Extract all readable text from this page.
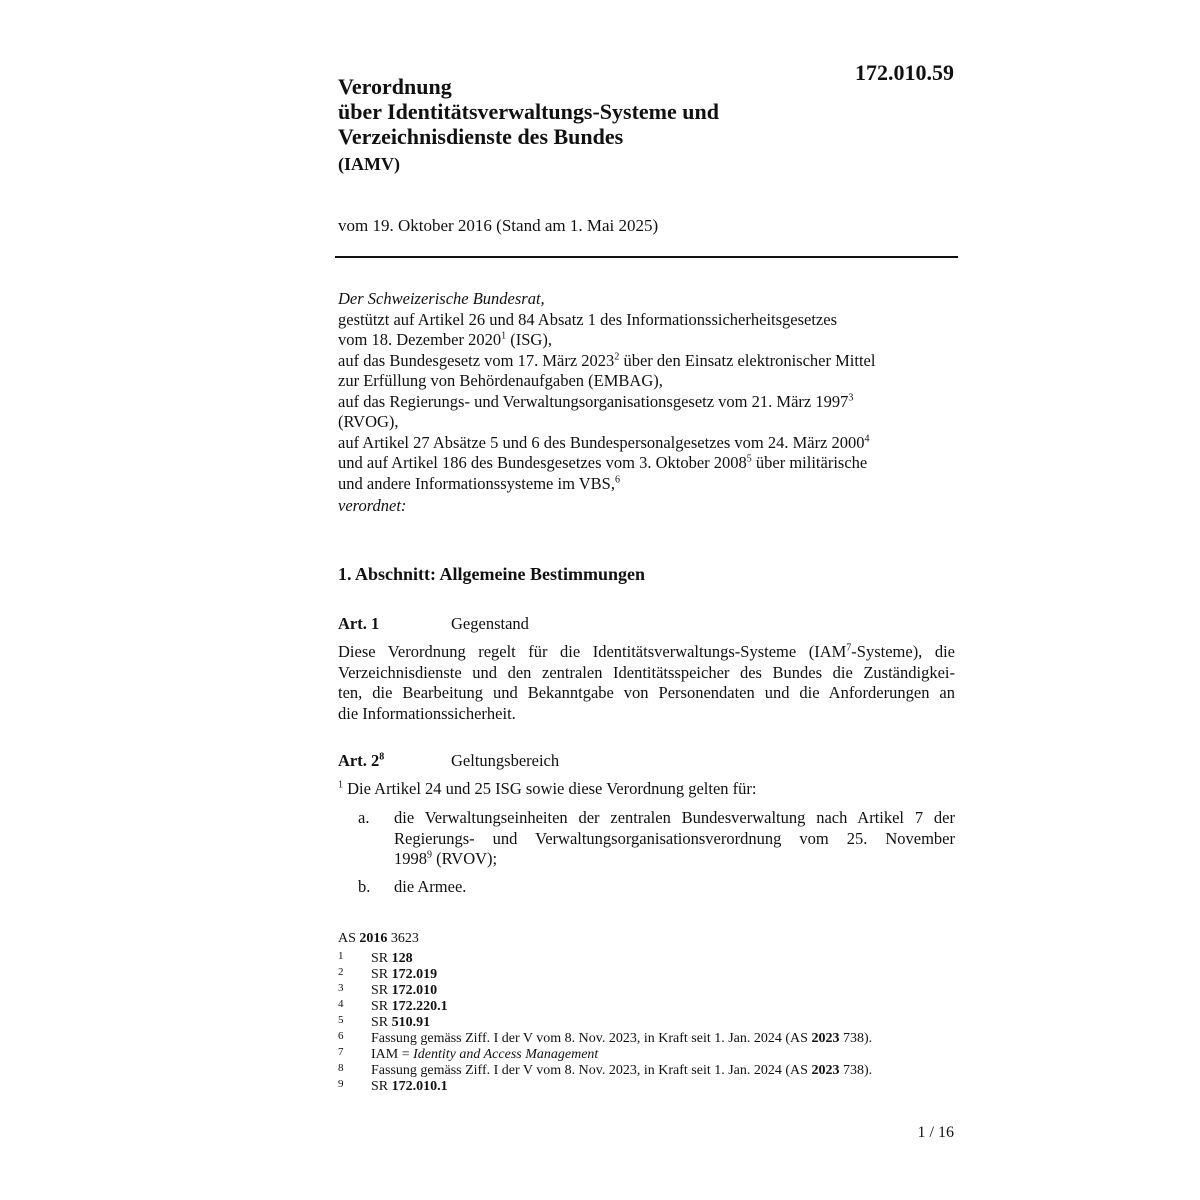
172.010.59
Verordnung
über Identitätsverwaltungs-Systeme und
Verzeichnisdienste des Bundes
(IAMV)
vom 19. Oktober 2016 (Stand am 1. Mai 2025)
Der Schweizerische Bundesrat,
gestützt auf Artikel 26 und 84 Absatz 1 des Informationssicherheitsgesetzes
vom 18. Dezember 2020$^1$ (ISG),
auf das Bundesgesetz vom 17. März 2023$^2$ über den Einsatz elektronischer Mittel
zur Erfüllung von Behördenaufgaben (EMBAG),
auf das Regierungs- und Verwaltungsorganisationsgesetz vom 21. März 1997$^3$
(RVOG),
auf Artikel 27 Absätze 5 und 6 des Bundespersonalgesetzes vom 24. März 2000$^4$
und auf Artikel 186 des Bundesgesetzes vom 3. Oktober 2008$^5$ über militärische
und andere Informationssysteme im VBS,$^6$
verordnet:
1. Abschnitt: Allgemeine Bestimmungen
Art. 1	Gegenstand
Diese Verordnung regelt für die Identitätsverwaltungs-Systeme (IAM$^7$-Systeme), die
Verzeichnisdienste und den zentralen Identitätsspeicher des Bundes die Zuständigkei-
ten, die Bearbeitung und Bekanntgabe von Personendaten und die Anforderungen an
die Informationssicherheit.
Art. $2^8$	Geltungsbereich
$^1$ Die Artikel 24 und 25 ISG sowie diese Verordnung gelten für:
a. die Verwaltungseinheiten der zentralen Bundesverwaltung nach Artikel 7 der
Regierungs- und Verwaltungsorganisationsverordnung vom 25. November
1998$^9$ (RVOV);
b. die Armee.
AS 2016 3623
1 SR 128
2 SR 172.019
3 SR 172.010
4 SR 172.220.1
5 SR 510.91
6 Fassung gemäss Ziff. I der V vom 8. Nov. 2023, in Kraft seit 1. Jan. 2024 (AS 2023 738).
7 IAM = Identity and Access Management
8 Fassung gemäss Ziff. I der V vom 8. Nov. 2023, in Kraft seit 1. Jan. 2024 (AS 2023 738).
9 SR 172.010.1
1 / 16
